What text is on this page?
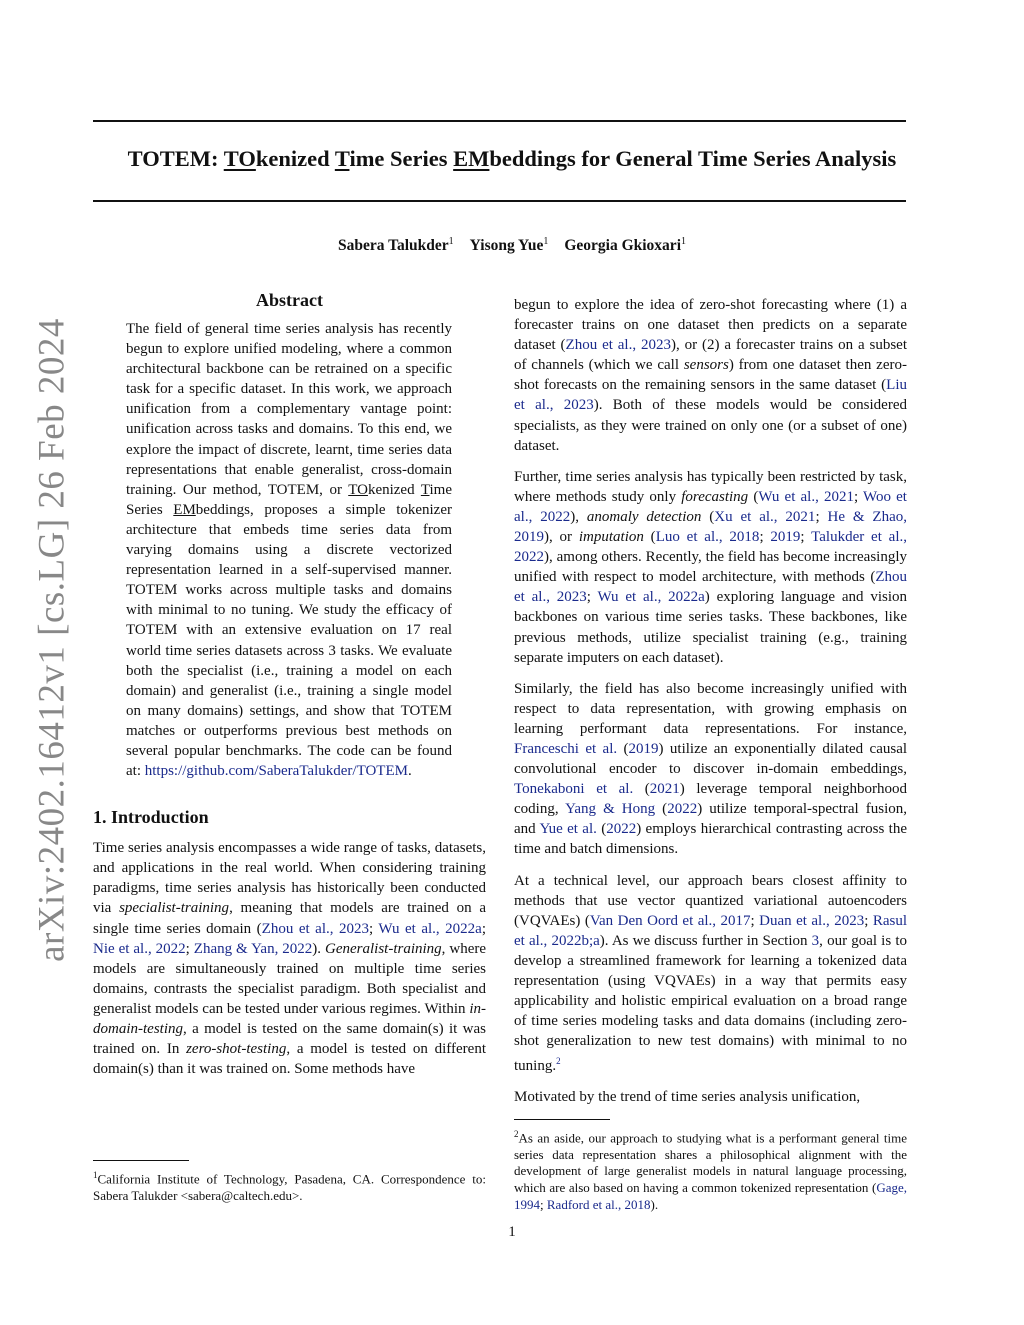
arXiv:2402.16412v1 [cs.LG] 26 Feb 2024
TOTEM: TOkenized Time Series EMbeddings for General Time Series Analysis
Sabera Talukder$^1$ Yisong Yue$^1$ Georgia Gkioxari$^1$
Abstract

The field of general time series analysis has recently begun to explore unified modeling, where a common architectural backbone can be retrained on a specific task for a specific dataset. In this work, we approach unification from a complementary vantage point: unification across tasks and domains. To this end, we explore the impact of discrete, learnt, time series data representations that enable generalist, cross-domain training. Our method, TOTEM, or TOkenized Time Series EMbeddings, proposes a simple tokenizer architecture that embeds time series data from varying domains using a discrete vectorized representation learned in a self-supervised manner. TOTEM works across multiple tasks and domains with minimal to no tuning. We study the efficacy of TOTEM with an extensive evaluation on 17 real world time series datasets across 3 tasks. We evaluate both the specialist (i.e., training a model on each domain) and generalist (i.e., training a single model on many domains) settings, and show that TOTEM matches or outperforms previous best methods on several popular benchmarks. The code can be found at: https://github.com/SaberaTalukder/TOTEM.

1. Introduction

Time series analysis encompasses a wide range of tasks, datasets, and applications in the real world. When considering training paradigms, time series analysis has historically been conducted via specialist-training, meaning that models are trained on a single time series domain (Zhou et al., 2023; Wu et al., 2022a; Nie et al., 2022; Zhang & Yan, 2022). Generalist-training, where models are simultaneously trained on multiple time series domains, contrasts the specialist paradigm. Both specialist and generalist models can be tested under various regimes. Within in-domain-testing, a model is tested on the same domain(s) it was trained on. In zero-shot-testing, a model is tested on different domain(s) than it was trained on. Some methods have

$^1$California Institute of Technology, Pasadena, CA. Correspondence to: Sabera Talukder <sabera@caltech.edu>.

begun to explore the idea of zero-shot forecasting where (1) a forecaster trains on one dataset then predicts on a separate dataset (Zhou et al., 2023), or (2) a forecaster trains on a subset of channels (which we call sensors) from one dataset then zero-shot forecasts on the remaining sensors in the same dataset (Liu et al., 2023). Both of these models would be considered specialists, as they were trained on only one (or a subset of one) dataset.

Further, time series analysis has typically been restricted by task, where methods study only forecasting (Wu et al., 2021; Woo et al., 2022), anomaly detection (Xu et al., 2021; He & Zhao, 2019), or imputation (Luo et al., 2018; 2019; Talukder et al., 2022), among others. Recently, the field has become increasingly unified with respect to model architecture, with methods (Zhou et al., 2023; Wu et al., 2022a) exploring language and vision backbones on various time series tasks. These backbones, like previous methods, utilize specialist training (e.g., training separate imputers on each dataset).

Similarly, the field has also become increasingly unified with respect to data representation, with growing emphasis on learning performant data representations. For instance, Franceschi et al. (2019) utilize an exponentially dilated causal convolutional encoder to discover in-domain embeddings, Tonekaboni et al. (2021) leverage temporal neighborhood coding, Yang & Hong (2022) utilize temporal-spectral fusion, and Yue et al. (2022) employs hierarchical contrasting across the time and batch dimensions.

At a technical level, our approach bears closest affinity to methods that use vector quantized variational autoencoders (VQVAEs) (Van Den Oord et al., 2017; Duan et al., 2023; Rasul et al., 2022b;a). As we discuss further in Section 3, our goal is to develop a streamlined framework for learning a tokenized data representation (using VQVAEs) in a way that permits easy applicability and holistic empirical evaluation on a broad range of time series modeling tasks and data domains (including zero-shot generalization to new test domains) with minimal to no tuning.$^2$

Motivated by the trend of time series analysis unification,

$^2$As an aside, our approach to studying what is a performant general time series data representation shares a philosophical alignment with the development of large generalist models in natural language processing, which are also based on having a common tokenized representation (Gage, 1994; Radford et al., 2018).

1
